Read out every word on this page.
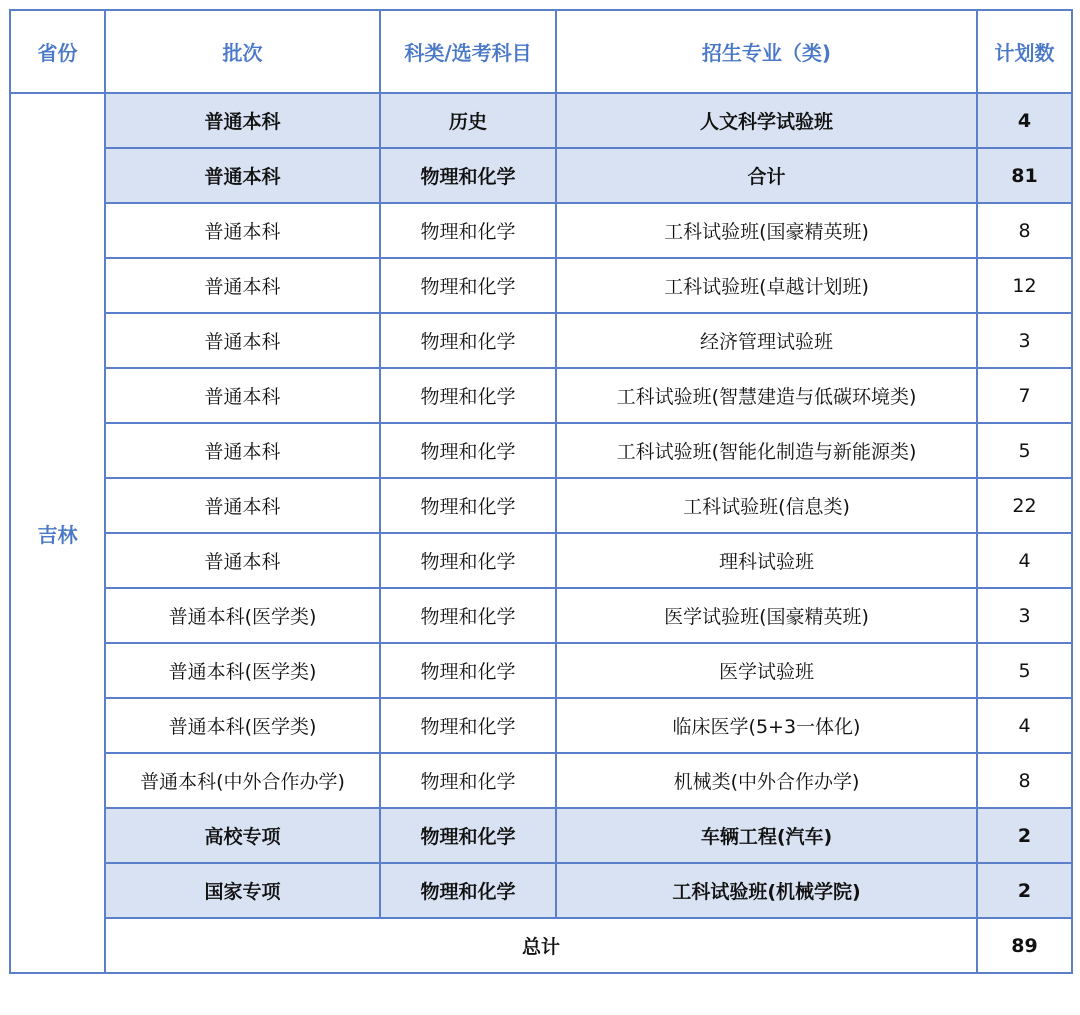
省份	批次	科类/选考科目	招生专业（类)	计划数
吉林	普通本科	历史	人文科学试验班	4
	普通本科	物理和化学	合计	81
	普通本科	物理和化学	工科试验班(国豪精英班)	8
	普通本科	物理和化学	工科试验班(卓越计划班)	12
	普通本科	物理和化学	经济管理试验班	3
	普通本科	物理和化学	工科试验班(智慧建造与低碳环境类)	7
	普通本科	物理和化学	工科试验班(智能化制造与新能源类)	5
	普通本科	物理和化学	工科试验班(信息类)	22
	普通本科	物理和化学	理科试验班	4
	普通本科(医学类)	物理和化学	医学试验班(国豪精英班)	3
	普通本科(医学类)	物理和化学	医学试验班	5
	普通本科(医学类)	物理和化学	临床医学(5+3一体化)	4
	普通本科(中外合作办学)	物理和化学	机械类(中外合作办学)	8
	高校专项	物理和化学	车辆工程(汽车)	2
	国家专项	物理和化学	工科试验班(机械学院)	2
	总计			89
